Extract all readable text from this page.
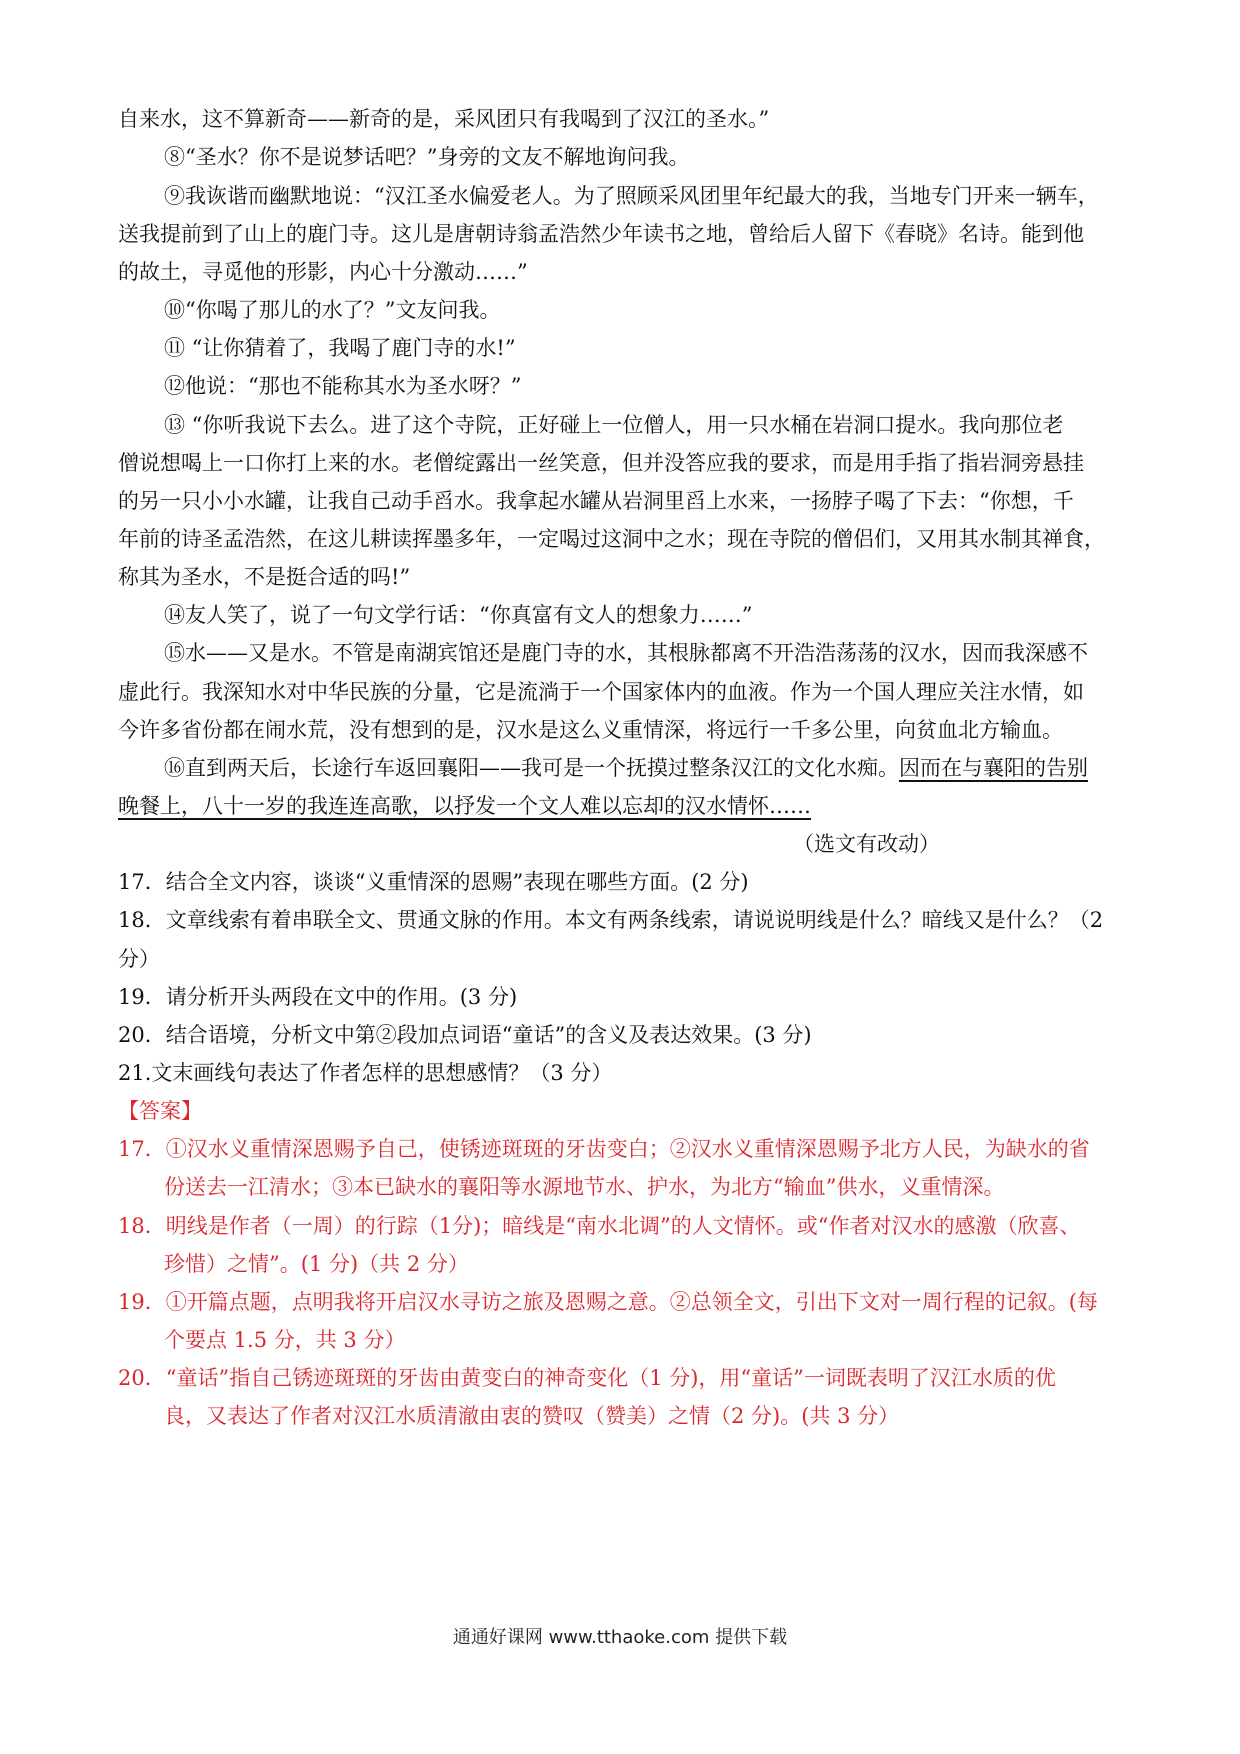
自来水，这不算新奇——新奇的是，采风团只有我喝到了汉江的圣水。”
⑧“圣水？你不是说梦话吧？”身旁的文友不解地询问我。
⑨我诙谐而幽默地说：“汉江圣水偏爱老人。为了照顾采风团里年纪最大的我，当地专门开来一辆车，
送我提前到了山上的鹿门寺。这儿是唐朝诗翁孟浩然少年读书之地，曾给后人留下《春晓》名诗。能到他
的故土，寻觅他的形影，内心十分激动……”
⑩“你喝了那儿的水了？”文友问我。
⑪ “让你猜着了，我喝了鹿门寺的水!”
⑫他说：“那也不能称其水为圣水呀？”
⑬ “你听我说下去么。进了这个寺院，正好碰上一位僧人，用一只水桶在岩洞口提水。我向那位老
僧说想喝上一口你打上来的水。老僧绽露出一丝笑意，但并没答应我的要求，而是用手指了指岩洞旁悬挂
的另一只小小水罐，让我自己动手舀水。我拿起水罐从岩洞里舀上水来，一扬脖子喝了下去：“你想，千
年前的诗圣孟浩然，在这儿耕读挥墨多年，一定喝过这洞中之水；现在寺院的僧侣们，又用其水制其禅食，
称其为圣水，不是挺合适的吗!”
⑭友人笑了，说了一句文学行话：“你真富有文人的想象力……”
⑮水——又是水。不管是南湖宾馆还是鹿门寺的水，其根脉都离不开浩浩荡荡的汉水，因而我深感不
虚此行。我深知水对中华民族的分量，它是流淌于一个国家体内的血液。作为一个国人理应关注水情，如
今许多省份都在闹水荒，没有想到的是，汉水是这么义重情深，将远行一千多公里，向贫血北方输血。
⑯直到两天后，长途行车返回襄阳——我可是一个抚摸过整条汉江的文化水痴。因而在与襄阳的告别
晚餐上，八十一岁的我连连高歌，以抒发一个文人难以忘却的汉水情怀……
（选文有改动）
17．结合全文内容，谈谈“义重情深的恩赐”表现在哪些方面。(2 分)
18．文章线索有着串联全文、贯通文脉的作用。本文有两条线索，请说说明线是什么？暗线又是什么？（2
分）
19．请分析开头两段在文中的作用。(3 分)
20．结合语境，分析文中第②段加点词语“童话”的含义及表达效果。(3 分)
21.文末画线句表达了作者怎样的思想感情？（3 分）
【答案】
17．①汉水义重情深恩赐予自己，使锈迹斑斑的牙齿变白；②汉水义重情深恩赐予北方人民，为缺水的省
份送去一江清水；③本已缺水的襄阳等水源地节水、护水，为北方“输血”供水，义重情深。
18．明线是作者（一周）的行踪（1分)；暗线是“南水北调”的人文情怀。或“作者对汉水的感激（欣喜、
珍惜）之情”。(1 分)（共 2 分）
19．①开篇点题，点明我将开启汉水寻访之旅及恩赐之意。②总领全文，引出下文对一周行程的记叙。(每
个要点 1.5 分，共 3 分）
20．“童话”指自己锈迹斑斑的牙齿由黄变白的神奇变化（1 分)，用“童话”一词既表明了汉江水质的优
良，又表达了作者对汉江水质清澈由衷的赞叹（赞美）之情（2 分)。(共 3 分）
通通好课网 www.tthaoke.com 提供下载
